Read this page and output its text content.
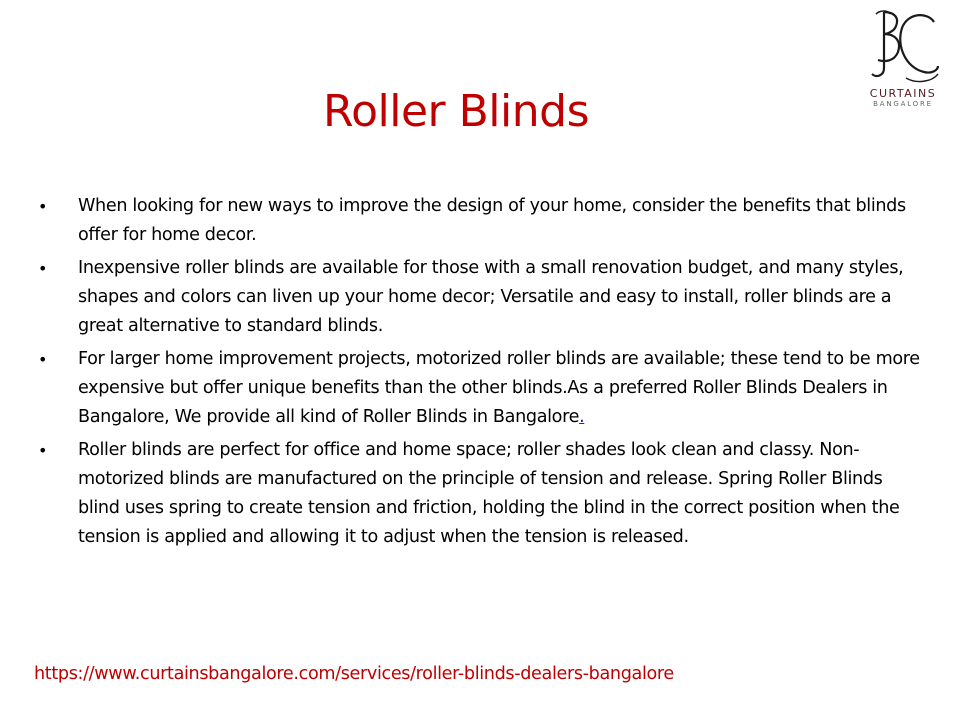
CURTAINS
BANGALORE
Roller Blinds
• When looking for new ways to improve the design of your home, consider the benefits that blinds offer for home decor.
• Inexpensive roller blinds are available for those with a small renovation budget, and many styles, shapes and colors can liven up your home decor; Versatile and easy to install, roller blinds are a great alternative to standard blinds.
• For larger home improvement projects, motorized roller blinds are available; these tend to be more expensive but offer unique benefits than the other blinds.As a preferred Roller Blinds Dealers in Bangalore, We provide all kind of Roller Blinds in Bangalore.
• Roller blinds are perfect for office and home space; roller shades look clean and classy. Non-motorized blinds are manufactured on the principle of tension and release. Spring Roller Blinds blind uses spring to create tension and friction, holding the blind in the correct position when the tension is applied and allowing it to adjust when the tension is released.
https://www.curtainsbangalore.com/services/roller-blinds-dealers-bangalore
